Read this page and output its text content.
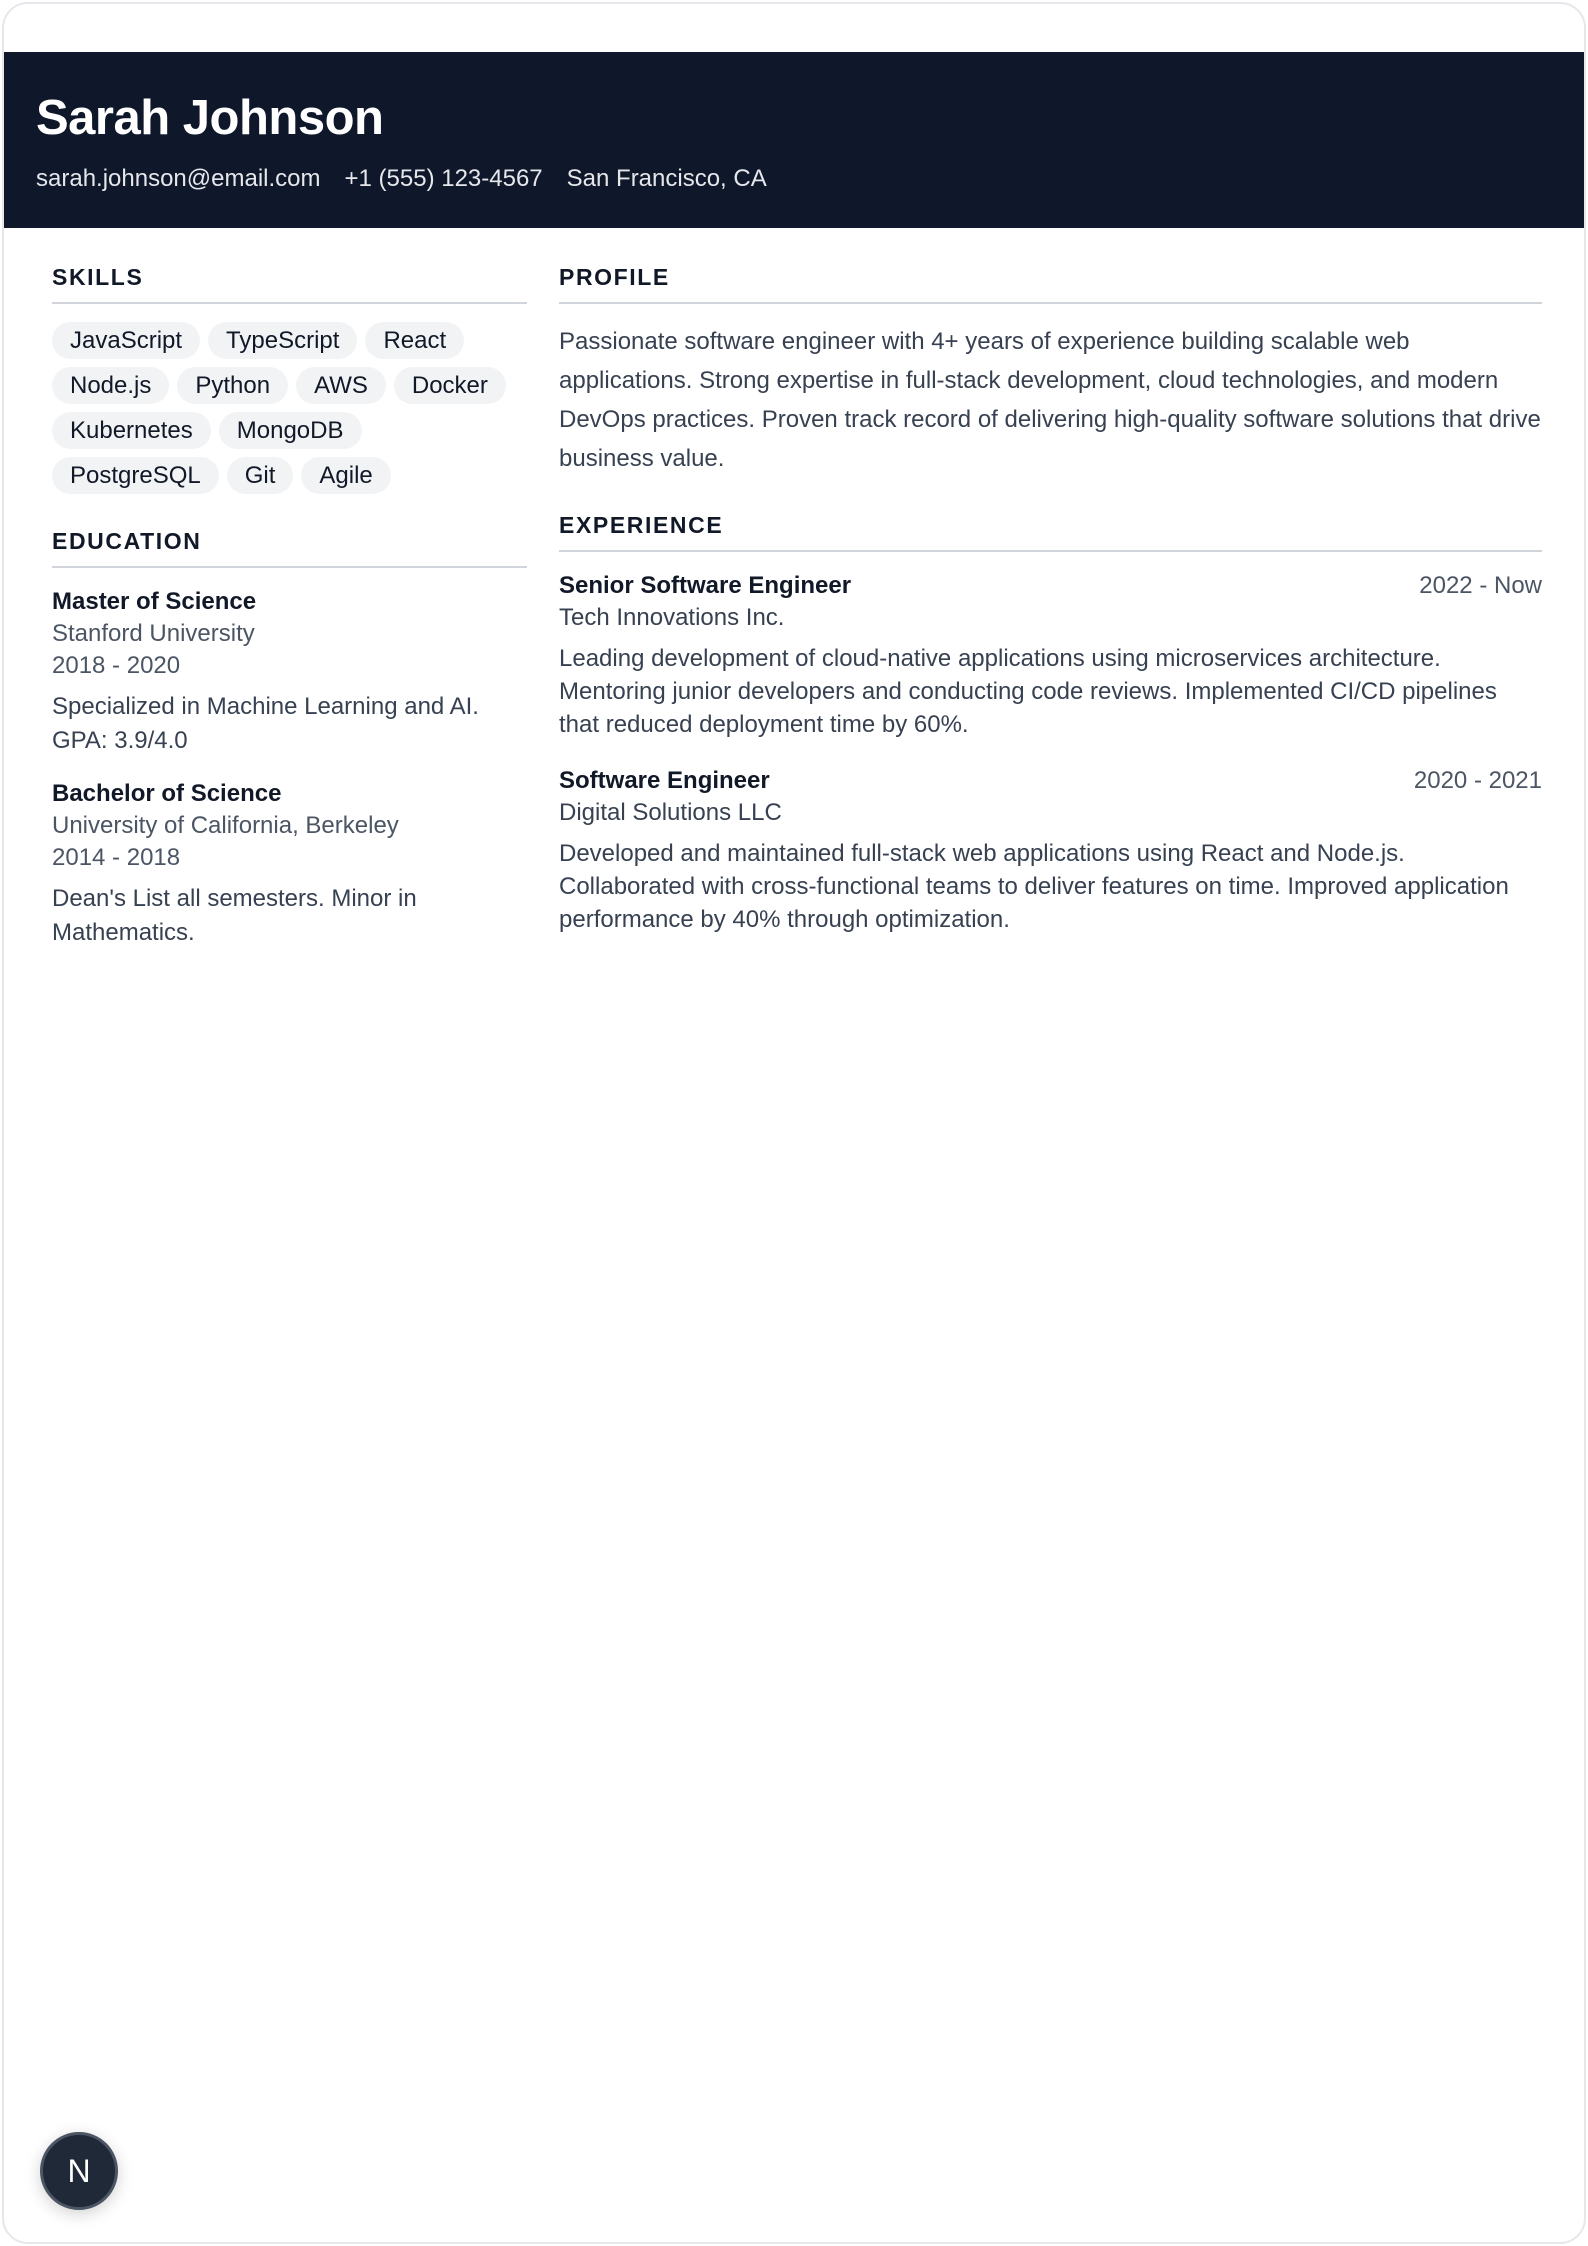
Sarah Johnson
sarah.johnson@email.com +1 (555) 123-4567 San Francisco, CA
SKILLS
JavaScript	TypeScript	React
Node.js	Python	AWS	Docker
Kubernetes	MongoDB
PostgreSQL	Git	Agile
EDUCATION
Master of Science
Stanford University
2018 - 2020
Specialized in Machine Learning and AI. GPA: 3.9/4.0
Bachelor of Science
University of California, Berkeley
2014 - 2018
Dean's List all semesters. Minor in Mathematics.
PROFILE

Passionate software engineer with 4+ years of experience building scalable web applications. Strong expertise in full-stack development, cloud technologies, and modern DevOps practices. Proven track record of delivering high-quality software solutions that drive business value.

EXPERIENCE
Senior Software Engineer	2022 - Now
Tech Innovations Inc.

Leading development of cloud-native applications using microservices architecture. Mentoring junior developers and conducting code reviews. Implemented CI/CD pipelines that reduced deployment time by 60%.

Software Engineer	2020 - 2021
Digital Solutions LLC

Developed and maintained full-stack web applications using React and Node.js. Collaborated with cross-functional teams to deliver features on time. Improved application performance by 40% through optimization.

N
